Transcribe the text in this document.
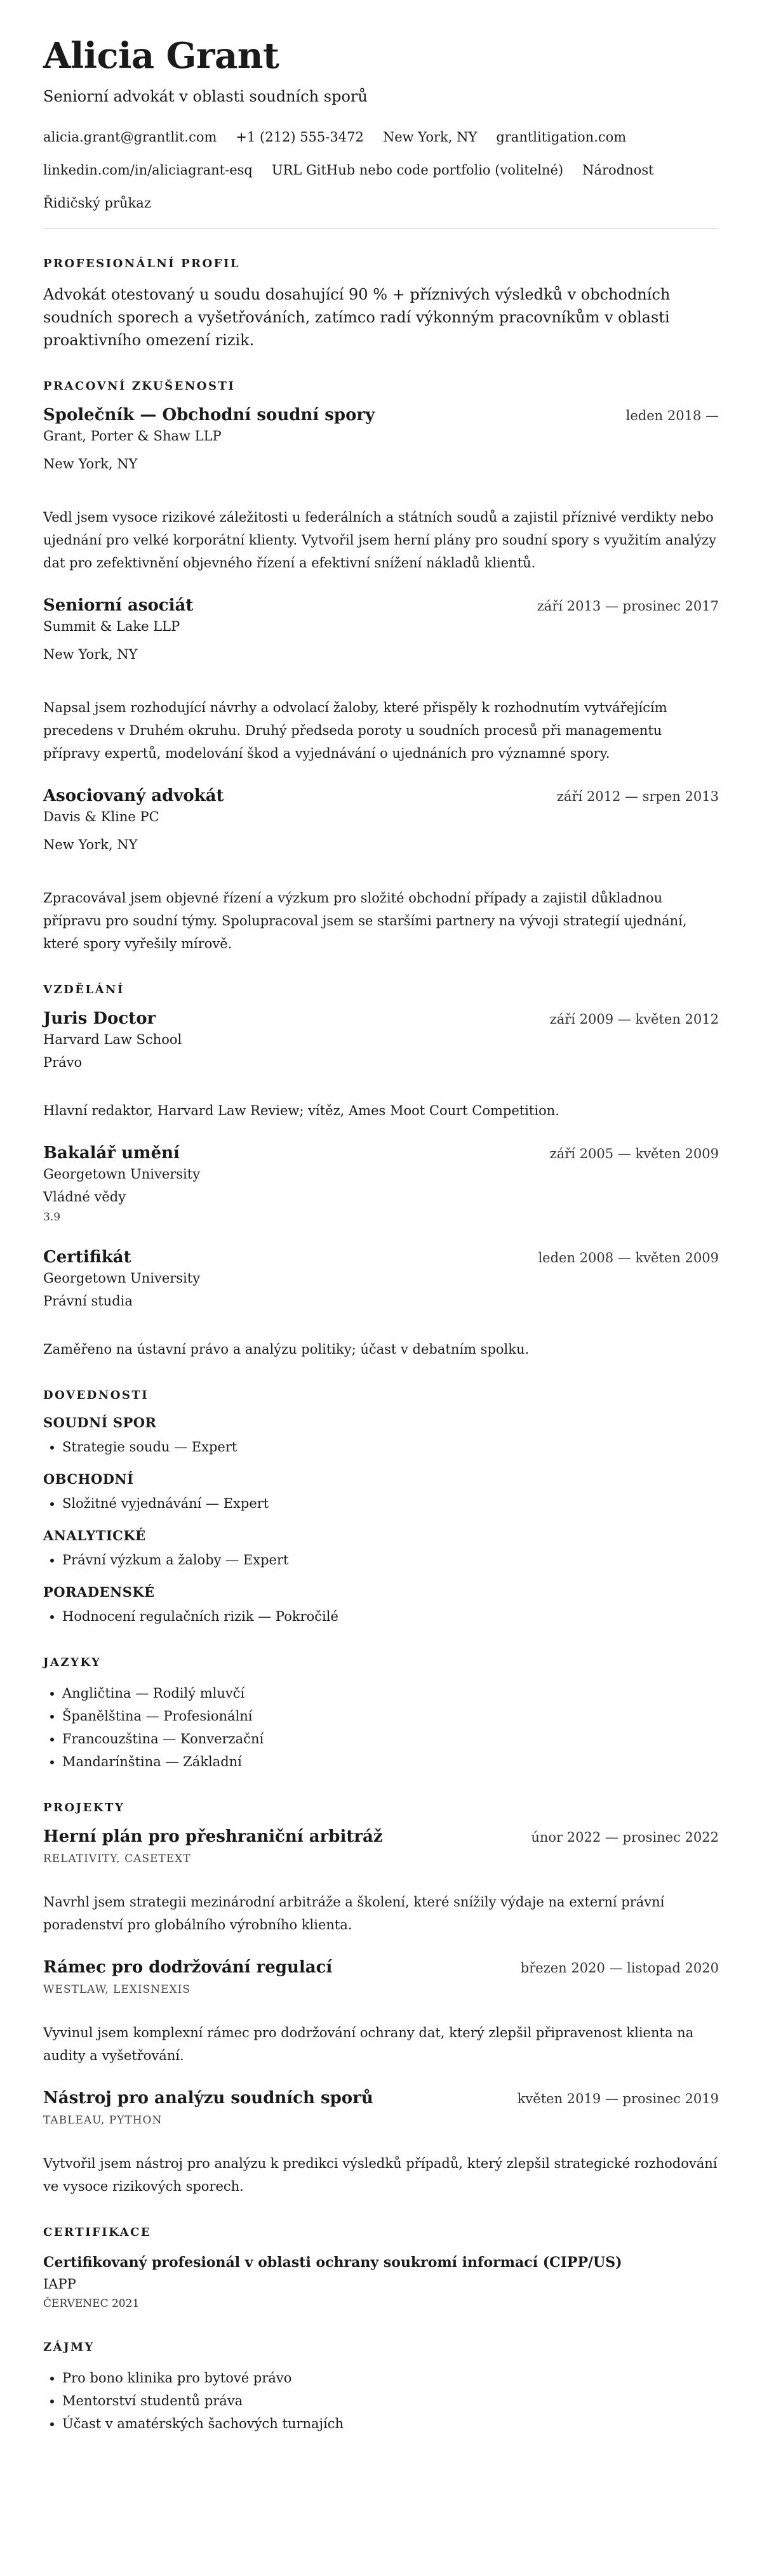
Alicia Grant
Seniorní advokát v oblasti soudních sporů
alicia.grant@grantlit.com +1 (212) 555-3472 New York, NY grantlitigation.com
linkedin.com/in/aliciagrant-esq URL GitHub nebo code portfolio (volitelné) Národnost
Řidičský průkaz
PROFESIONÁLNÍ PROFIL

Advokát otestovaný u soudu dosahující 90 % + příznivých výsledků v obchodních soudních sporech a vyšetřováních, zatímco radí výkonným pracovníkům v oblasti proaktivního omezení rizik.

PRACOVNÍ ZKUŠENOSTI
Společník — Obchodní soudní spory	leden 2018 —
Grant, Porter & Shaw LLP
New York, NY
Vedl jsem vysoce rizikové záležitosti u federálních a státních soudů a zajistil příznivé verdikty nebo ujednání pro velké korporátní klienty. Vytvořil jsem herní plány pro soudní spory s využitím analýzy dat pro zefektivnění objevného řízení a efektivní snížení nákladů klientů.
Seniorní asociát	září 2013 — prosinec 2017
Summit & Lake LLP
New York, NY
Napsal jsem rozhodující návrhy a odvolací žaloby, které přispěly k rozhodnutím vytvářejícím precedens v Druhém okruhu. Druhý předseda poroty u soudních procesů při managementu přípravy expertů, modelování škod a vyjednávání o ujednáních pro významné spory.
Asociovaný advokát	září 2012 — srpen 2013
Davis & Kline PC
New York, NY
Zpracovával jsem objevné řízení a výzkum pro složité obchodní případy a zajistil důkladnou přípravu pro soudní týmy. Spolupracoval jsem se staršími partnery na vývoji strategií ujednání, které spory vyřešily mírově.
VZDĚLÁNÍ
Juris Doctor	září 2009 — květen 2012
Harvard Law School
Právo
Hlavní redaktor, Harvard Law Review; vítěz, Ames Moot Court Competition.
Bakalář umění	září 2005 — květen 2009
Georgetown University
Vládné vědy
3.9
Certifikát	leden 2008 — květen 2009
Georgetown University
Právní studia
Zaměřeno na ústavní právo a analýzu politiky; účast v debatním spolku.
DOVEDNOSTI
SOUDNÍ SPOR
• Strategie soudu — Expert
OBCHODNÍ
• Složitné vyjednávání — Expert
ANALYTICKÉ
• Právní výzkum a žaloby — Expert
PORADENSKÉ
• Hodnocení regulačních rizik — Pokročilé
JAZYKY
• Angličtina — Rodilý mluvčí
• Španělština — Profesionální
• Francouzština — Konverzační
• Mandarínština — Základní
PROJEKTY
Herní plán pro přeshraniční arbitráž	únor 2022 — prosinec 2022
RELATIVITY, CASETEXT
Navrhl jsem strategii mezinárodní arbitráže a školení, které snížily výdaje na externí právní poradenství pro globálního výrobního klienta.
Rámec pro dodržování regulací	březen 2020 — listopad 2020
WESTLAW, LEXISNEXIS
Vyvinul jsem komplexní rámec pro dodržování ochrany dat, který zlepšil připravenost klienta na audity a vyšetřování.
Nástroj pro analýzu soudních sporů	květen 2019 — prosinec 2019
TABLEAU, PYTHON
Vytvořil jsem nástroj pro analýzu k predikci výsledků případů, který zlepšil strategické rozhodování ve vysoce rizikových sporech.
CERTIFIKACE
Certifikovaný profesionál v oblasti ochrany soukromí informací (CIPP/US)
IAPP
ČERVENEC 2021
ZÁJMY
• Pro bono klinika pro bytové právo
• Mentorství studentů práva
• Účast v amatérských šachových turnajích
